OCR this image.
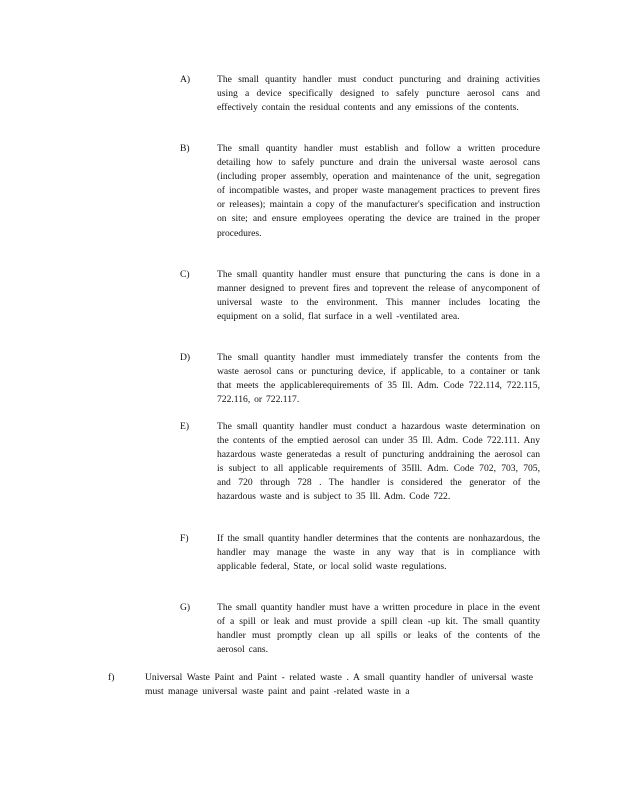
A)	The small quantity handler must conduct puncturing and draining activities using a device specifically designed to safely puncture aerosol cans and effectively contain the residual contents and any emissions of the contents.
B)	The small quantity handler must establish and follow a written procedure detailing how to safely puncture and drain the universal waste aerosol cans (including proper assembly, operation and maintenance of the unit, segregation of incompatible wastes, and proper waste management practices to prevent fires or releases); maintain a copy of the manufacturer's specification and instruction on site; and ensure employees operating the device are trained in the proper procedures.
C)	The small quantity handler must ensure that puncturing the cans is done in a manner designed to prevent fires and toprevent the release of anycomponent of universal waste to the environment. This manner includes locating the equipment on a solid, flat surface in a well -ventilated area.
D)	The small quantity handler must immediately transfer the contents from the waste aerosol cans or puncturing device, if applicable, to a container or tank that meets the applicablerequirements of 35 Ill. Adm. Code 722.114, 722.115, 722.116, or 722.117.
E)	The small quantity handler must conduct a hazardous waste determination on the contents of the emptied aerosol can under 35 Ill. Adm. Code 722.111. Any hazardous waste generatedas a result of puncturing anddraining the aerosol can is subject to all applicable requirements of 35Ill. Adm. Code 702, 703, 705, and 720 through 728 . The handler is considered the generator of the hazardous waste and is subject to 35 Ill. Adm. Code 722.
F)	If the small quantity handler determines that the contents are nonhazardous, the handler may manage the waste in any way that is in compliance with applicable federal, State, or local solid waste regulations.
G)	The small quantity handler must have a written procedure in place in the event of a spill or leak and must provide a spill clean -up kit. The small quantity handler must promptly clean up all spills or leaks of the contents of the aerosol cans.
f)	Universal Waste Paint and Paint - related waste . A small quantity handler of universal waste must manage universal waste paint and paint -related waste in a
